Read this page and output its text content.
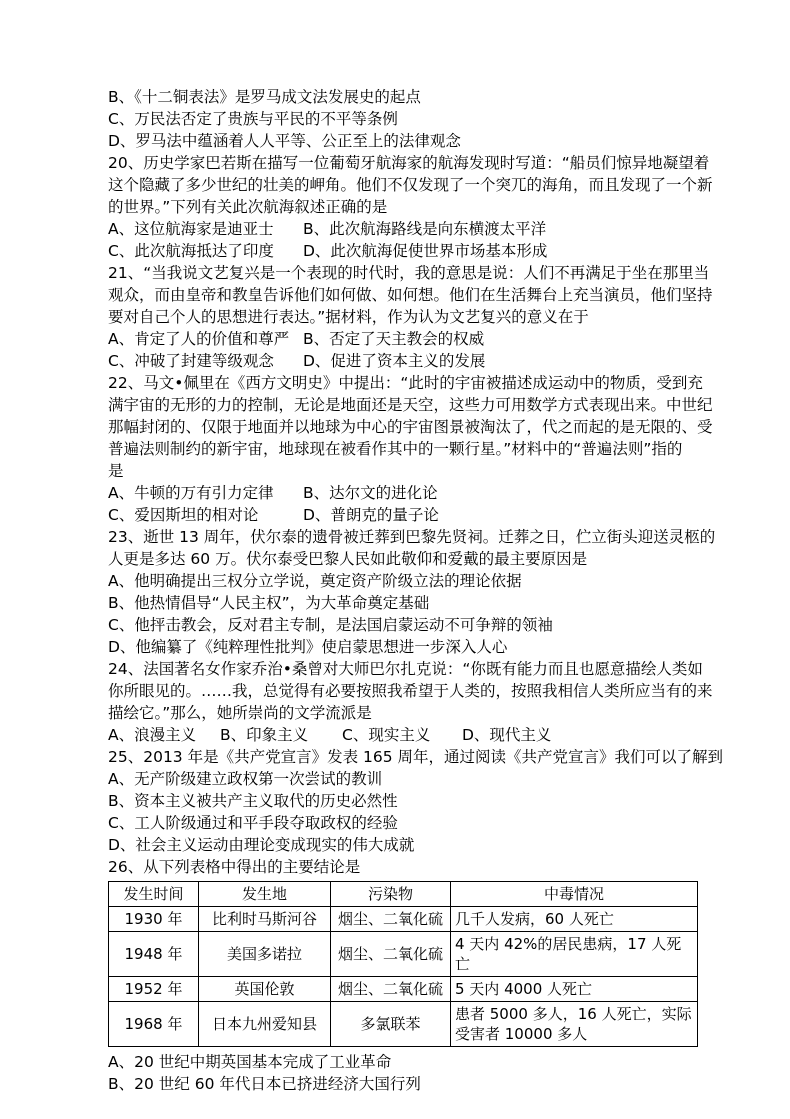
B、《十二铜表法》是罗马成文法发展史的起点
C、万民法否定了贵族与平民的不平等条例
D、罗马法中蕴涵着人人平等、公正至上的法律观念
20、历史学家巴若斯在描写一位葡萄牙航海家的航海发现时写道：“船员们惊异地凝望着
这个隐藏了多少世纪的壮美的岬角。他们不仅发现了一个突兀的海角，而且发现了一个新
的世界。”下列有关此次航海叙述正确的是
A、这位航海家是迪亚士	B、此次航海路线是向东横渡太平洋
C、此次航海抵达了印度	D、此次航海促使世界市场基本形成
21、“当我说文艺复兴是一个表现的时代时，我的意思是说：人们不再满足于坐在那里当
观众，而由皇帝和教皇告诉他们如何做、如何想。他们在生活舞台上充当演员，他们坚持
要对自己个人的思想进行表达。”据材料，作为认为文艺复兴的意义在于
A、肯定了人的价值和尊严 B、否定了天主教会的权威
C、冲破了封建等级观念	D、促进了资本主义的发展
22、马文•佩里在《西方文明史》中提出：“此时的宇宙被描述成运动中的物质，受到充
满宇宙的无形的力的控制，无论是地面还是天空，这些力可用数学方式表现出来。中世纪
那幅封闭的、仅限于地面并以地球为中心的宇宙图景被淘汰了，代之而起的是无限的、受
普遍法则制约的新宇宙，地球现在被看作其中的一颗行星。”材料中的“普遍法则”指的
是
A、牛顿的万有引力定律	B、达尔文的进化论
C、爱因斯坦的相对论	D、普朗克的量子论
23、逝世 13 周年，伏尔泰的遗骨被迁葬到巴黎先贤祠。迁葬之日，伫立街头迎送灵柩的
人更是多达 60 万。伏尔泰受巴黎人民如此敬仰和爱戴的最主要原因是
A、他明确提出三权分立学说，奠定资产阶级立法的理论依据
B、他热情倡导“人民主权”，为大革命奠定基础
C、他抨击教会，反对君主专制，是法国启蒙运动不可争辩的领袖
D、他编纂了《纯粹理性批判》使启蒙思想进一步深入人心
24、法国著名女作家乔治•桑曾对大师巴尔扎克说：“你既有能力而且也愿意描绘人类如
你所眼见的。……我，总觉得有必要按照我希望于人类的，按照我相信人类所应当有的来
描绘它。”那么，她所崇尚的文学流派是
A、浪漫主义	B、印象主义	C、现实主义	D、现代主义
25、2013 年是《共产党宣言》发表 165 周年，通过阅读《共产党宣言》我们可以了解到
A、无产阶级建立政权第一次尝试的教训
B、资本主义被共产主义取代的历史必然性
C、工人阶级通过和平手段夺取政权的经验
D、社会主义运动由理论变成现实的伟大成就
26、从下列表格中得出的主要结论是
发生时间	发生地	污染物	中毒情况
1930 年	比利时马斯河谷	烟尘、二氧化硫	几千人发病，60 人死亡
1948 年	美国多诺拉	烟尘、二氧化硫	4 天内 42%的居民患病，17 人死亡
1952 年	英国伦敦	烟尘、二氧化硫	5 天内 4000 人死亡
1968 年	日本九州爱知县	多氯联苯	患者 5000 多人，16 人死亡，实际受害者 10000 多人
A、20 世纪中期英国基本完成了工业革命
B、20 世纪 60 年代日本已挤进经济大国行列
